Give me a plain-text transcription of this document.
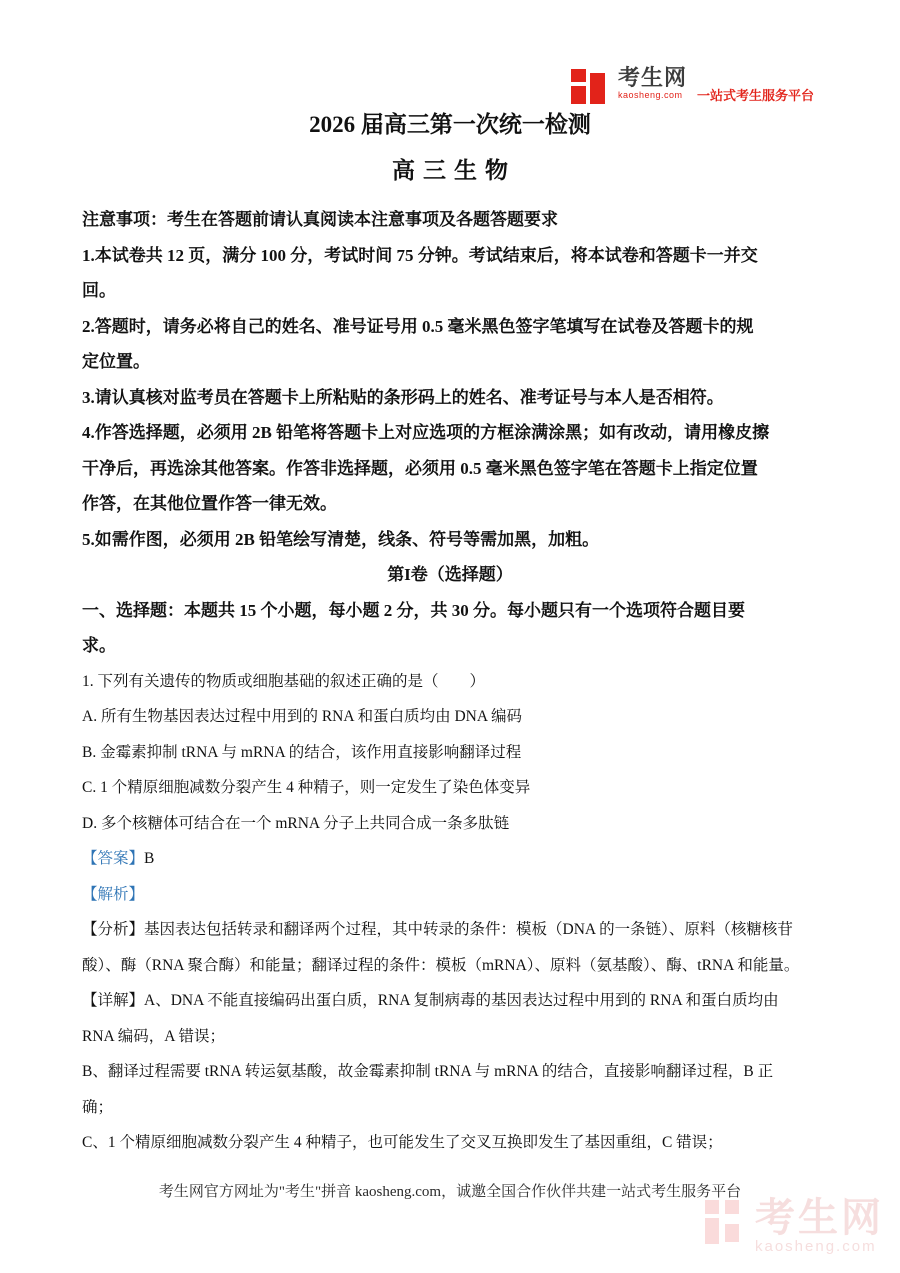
考生网
kaosheng.com	一站式考生服务平台
2026 届高三第一次统一检测
高三生物

注意事项：考生在答题前请认真阅读本注意事项及各题答题要求

1.本试卷共 12 页，满分 100 分，考试时间 75 分钟。考试结束后，将本试卷和答题卡一并交

回。

2.答题时，请务必将自己的姓名、准号证号用 0.5 毫米黑色签字笔填写在试卷及答题卡的规

定位置。

3.请认真核对监考员在答题卡上所粘贴的条形码上的姓名、准考证号与本人是否相符。

4.作答选择题，必须用 2B 铅笔将答题卡上对应选项的方框涂满涂黑；如有改动，请用橡皮擦

干净后，再选涂其他答案。作答非选择题，必须用 0.5 毫米黑色签字笔在答题卡上指定位置

作答，在其他位置作答一律无效。

5.如需作图，必须用 2B 铅笔绘写清楚，线条、符号等需加黑，加粗。

第I卷（选择题）

一、选择题：本题共 15 个小题，每小题 2 分，共 30 分。每小题只有一个选项符合题目要

求。

1. 下列有关遗传的物质或细胞基础的叙述正确的是（　　）

A. 所有生物基因表达过程中用到的 RNA 和蛋白质均由 DNA 编码

B. 金霉素抑制 tRNA 与 mRNA 的结合，该作用直接影响翻译过程

C. 1 个精原细胞减数分裂产生 4 种精子，则一定发生了染色体变异

D. 多个核糖体可结合在一个 mRNA 分子上共同合成一条多肽链

【答案】B

【解析】

【分析】基因表达包括转录和翻译两个过程，其中转录的条件：模板（DNA 的一条链）、原料（核糖核苷

酸）、酶（RNA 聚合酶）和能量；翻译过程的条件：模板（mRNA）、原料（氨基酸）、酶、tRNA 和能量。

【详解】A、DNA 不能直接编码出蛋白质，RNA 复制病毒的基因表达过程中用到的 RNA 和蛋白质均由

RNA 编码，A 错误；

B、翻译过程需要 tRNA 转运氨基酸，故金霉素抑制 tRNA 与 mRNA 的结合，直接影响翻译过程，B 正

确；

C、1 个精原细胞减数分裂产生 4 种精子，也可能发生了交叉互换即发生了基因重组，C 错误；

考生网官方网址为"考生"拼音 kaosheng.com，诚邀全国合作伙伴共建一站式考生服务平台
考生网
kaosheng.com
